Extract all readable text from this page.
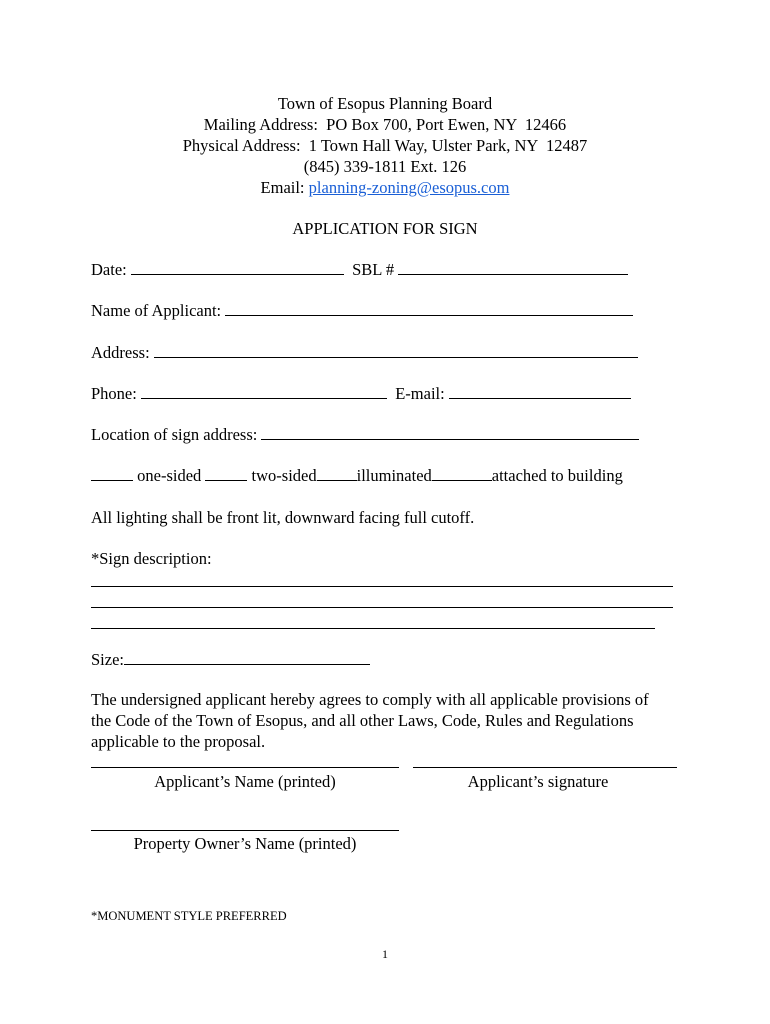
Town of Esopus Planning Board
Mailing Address:  PO Box 700, Port Ewen, NY  12466
Physical Address:  1 Town Hall Way, Ulster Park, NY  12487
(845) 339-1811 Ext. 126
Email: planning-zoning@esopus.com
APPLICATION FOR SIGN
Date:	SBL #
Name of Applicant:
Address:
Phone:	E-mail:
Location of sign address:
one-sided	two-sided illuminated	attached to building
All lighting shall be front lit, downward facing full cutoff.
*Sign description:
Size:
The undersigned applicant hereby agrees to comply with all applicable provisions of
the Code of the Town of Esopus, and all other Laws, Code, Rules and Regulations
applicable to the proposal.
Applicant’s Name (printed)	Applicant’s signature
Property Owner’s Name (printed)
*MONUMENT STYLE PREFERRED
1
